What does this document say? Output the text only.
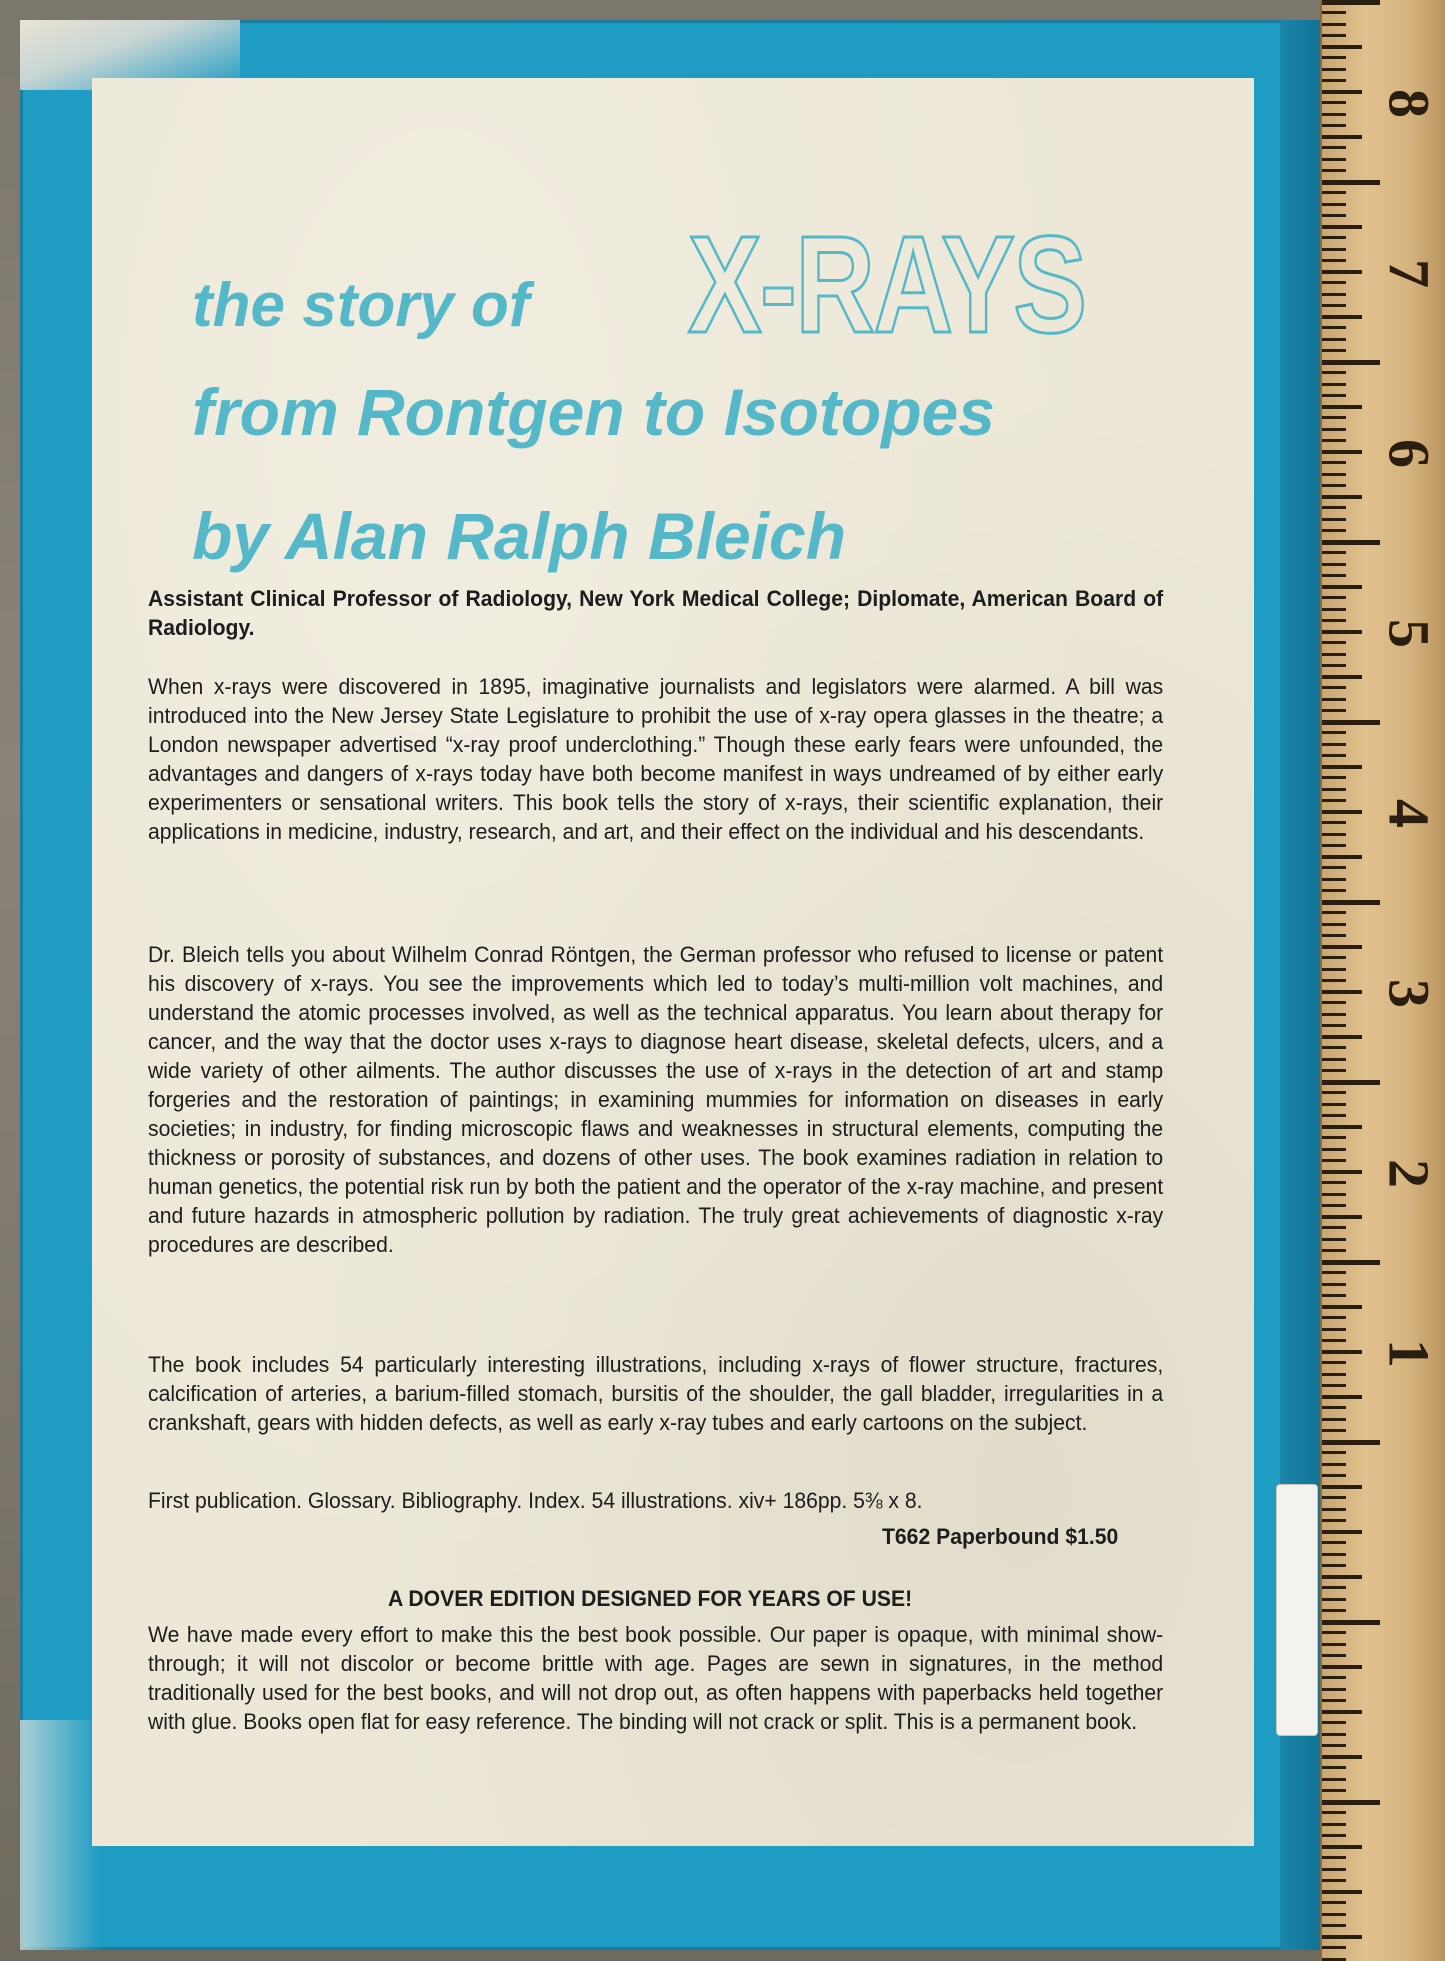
8
7
6
5
4
3
2
1
the story of X-RAYS
from Rontgen to Isotopes
by Alan Ralph Bleich
Assistant Clinical Professor of Radiology, New York Medical College; Diplomate, American Board of Radiology.
When x-rays were discovered in 1895, imaginative journalists and legislators were alarmed. A bill was introduced into the New Jersey State Legislature to prohibit the use of x-ray opera glasses in the theatre; a London newspaper advertised “x-ray proof underclothing.” Though these early fears were unfounded, the advantages and dangers of x-rays today have both become manifest in ways undreamed of by either early experimenters or sensational writers. This book tells the story of x-rays, their scientific explanation, their applications in medicine, industry, research, and art, and their effect on the individual and his descendants.
Dr. Bleich tells you about Wilhelm Conrad Röntgen, the German professor who refused to license or patent his discovery of x-rays. You see the improvements which led to today’s multi-million volt machines, and understand the atomic processes involved, as well as the technical apparatus. You learn about therapy for cancer, and the way that the doctor uses x-rays to diagnose heart disease, skeletal defects, ulcers, and a wide variety of other ailments. The author discusses the use of x-rays in the detection of art and stamp forgeries and the restoration of paintings; in examining mummies for information on diseases in early societies; in industry, for finding microscopic flaws and weaknesses in structural elements, computing the thickness or porosity of substances, and dozens of other uses. The book examines radiation in relation to human genetics, the potential risk run by both the patient and the operator of the x-ray machine, and present and future hazards in atmospheric pollution by radiation. The truly great achievements of diagnostic x-ray procedures are described.
The book includes 54 particularly interesting illustrations, including x-rays of flower structure, fractures, calcification of arteries, a barium-filled stomach, bursitis of the shoulder, the gall bladder, irregularities in a crankshaft, gears with hidden defects, as well as early x-ray tubes and early cartoons on the subject.
First publication. Glossary. Bibliography. Index. 54 illustrations. xiv+ 186pp. 5⅜ x 8.
T662 Paperbound $1.50
A DOVER EDITION DESIGNED FOR YEARS OF USE!
We have made every effort to make this the best book possible. Our paper is opaque, with minimal show-through; it will not discolor or become brittle with age. Pages are sewn in signatures, in the method traditionally used for the best books, and will not drop out, as often happens with paperbacks held together with glue. Books open flat for easy reference. The binding will not crack or split. This is a permanent book.
